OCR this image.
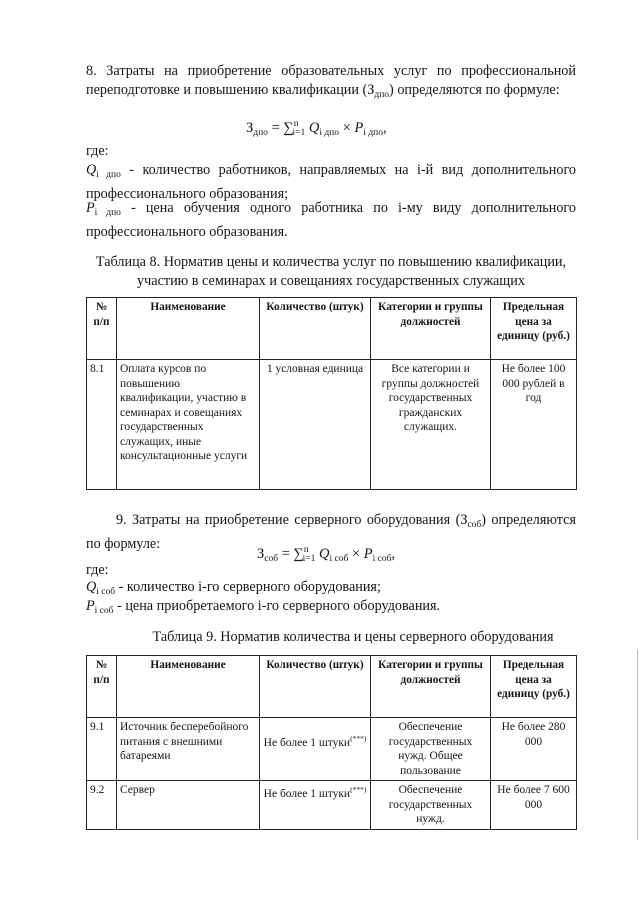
8. Затраты на приобретение образовательных услуг по профессиональной переподготовке и повышению квалификации $(З_{дпо})$ определяются по формуле:
$З_{дпо} = \sum^n_{i=1}$ $Q_{i дпо} \times P_{i дпо}$,
где:
$Q_{i дпо}$ - количество работников, направляемых на i-й вид дополнительного профессионального образования;
$P_{i дпо}$ - цена обучения одного работника по i-му виду дополнительного профессионального образования.
Таблица 8. Норматив цены и количества услуг по повышению квалификации,
участию в семинарах и совещаниях государственных служащих
№ п/п	Наименование	Количество (штук)	Категории и группы должностей	Предельная цена за единицу (руб.)
8.1	Оплата курсов по повышению квалификации, участию в семинарах и совещаниях государственных служащих, иные консультационные услуги	1 условная единица	Все категории и группы должностей государственных гражданских служащих.	Не более 100 000 рублей в год
9. Затраты на приобретение серверного оборудования $(З_{соб})$ определяются по формуле:
$З_{соб} = \sum^n_{i=1}$ $Q_{i соб} \times P_{i соб}$,
где:
$Q_{i соб}$ - количество i-го серверного оборудования;
$P_{i соб}$ - цена приобретаемого i-го серверного оборудования.
Таблица 9. Норматив количества и цены серверного оборудования
№ п/п	Наименование	Количество (штук)	Категории и группы должностей	Предельная цена за единицу (руб.)
9.1	Источник бесперебойного питания с внешними батареями	Не более 1 штуки(***)	Обеспечение государственных нужд. Общее пользование	Не более 280 000
9.2	Сервер	Не более 1 штуки(***)	Обеспечение государственных нужд.	Не более 7 600 000
